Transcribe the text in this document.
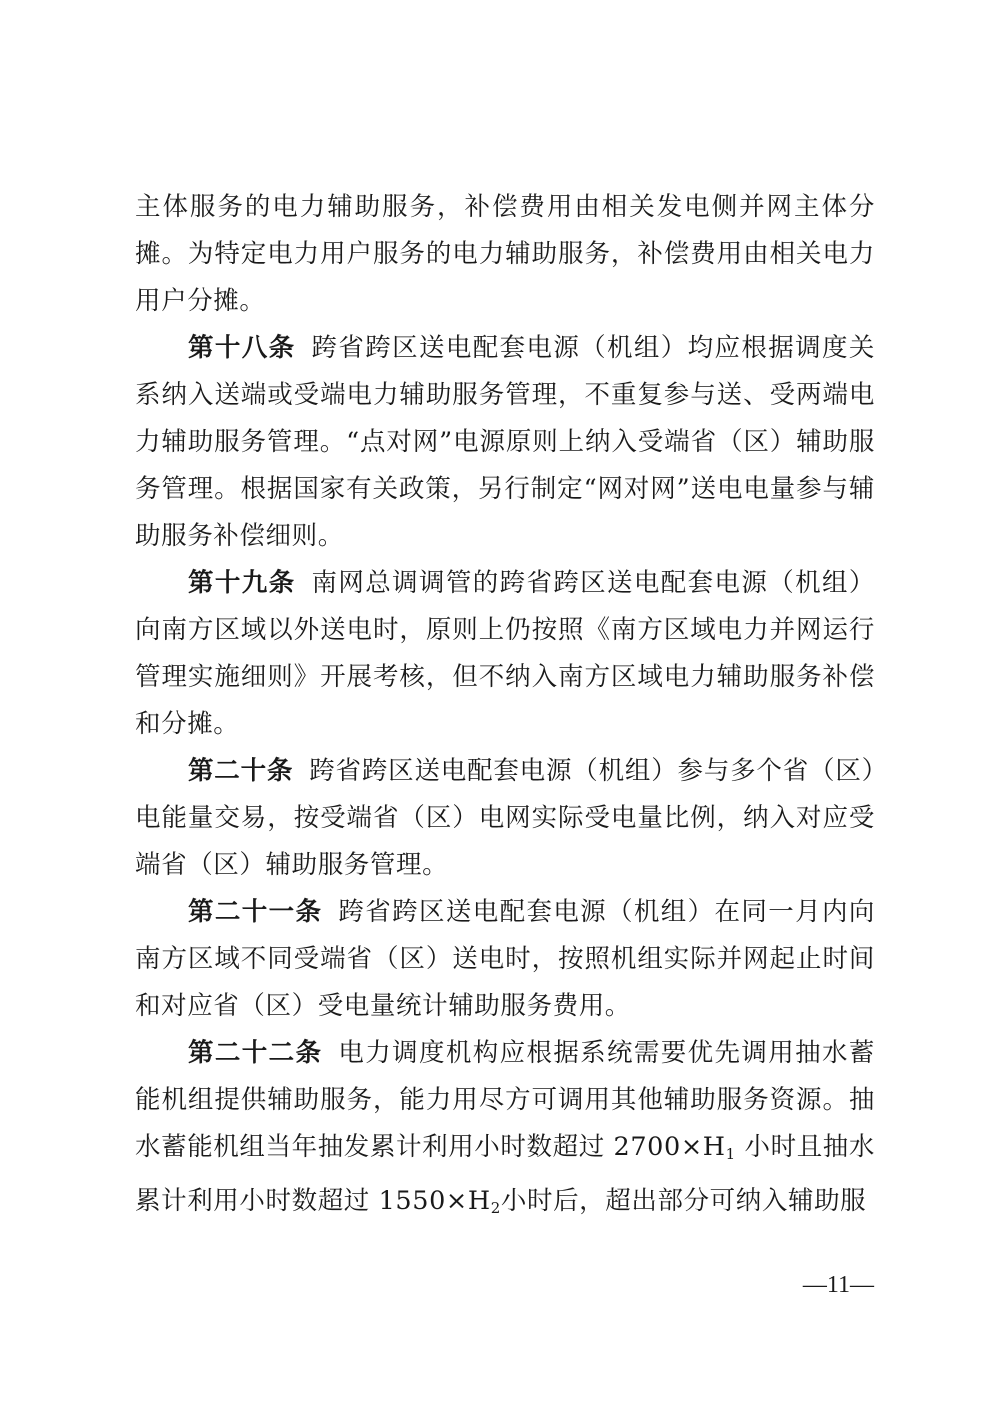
主体服务的电力辅助服务，补偿费用由相关发电侧并网主体分摊。为特定电力用户服务的电力辅助服务，补偿费用由相关电力用户分摊。

第十八条 跨省跨区送电配套电源（机组）均应根据调度关系纳入送端或受端电力辅助服务管理，不重复参与送、受两端电力辅助服务管理。“点对网”电源原则上纳入受端省（区）辅助服务管理。根据国家有关政策，另行制定“网对网”送电电量参与辅助服务补偿细则。

第十九条 南网总调调管的跨省跨区送电配套电源（机组）向南方区域以外送电时，原则上仍按照《南方区域电力并网运行管理实施细则》开展考核，但不纳入南方区域电力辅助服务补偿和分摊。

第二十条 跨省跨区送电配套电源（机组）参与多个省（区）电能量交易，按受端省（区）电网实际受电量比例，纳入对应受端省（区）辅助服务管理。

第二十一条 跨省跨区送电配套电源（机组）在同一月内向南方区域不同受端省（区）送电时，按照机组实际并网起止时间和对应省（区）受电量统计辅助服务费用。

第二十二条 电力调度机构应根据系统需要优先调用抽水蓄能机组提供辅助服务，能力用尽方可调用其他辅助服务资源。抽水蓄能机组当年抽发累计利用小时数超过 $2700\times H_1$ 小时且抽水累计利用小时数超过 $1550\times H_2$小时后，超出部分可纳入辅助服

—11—
